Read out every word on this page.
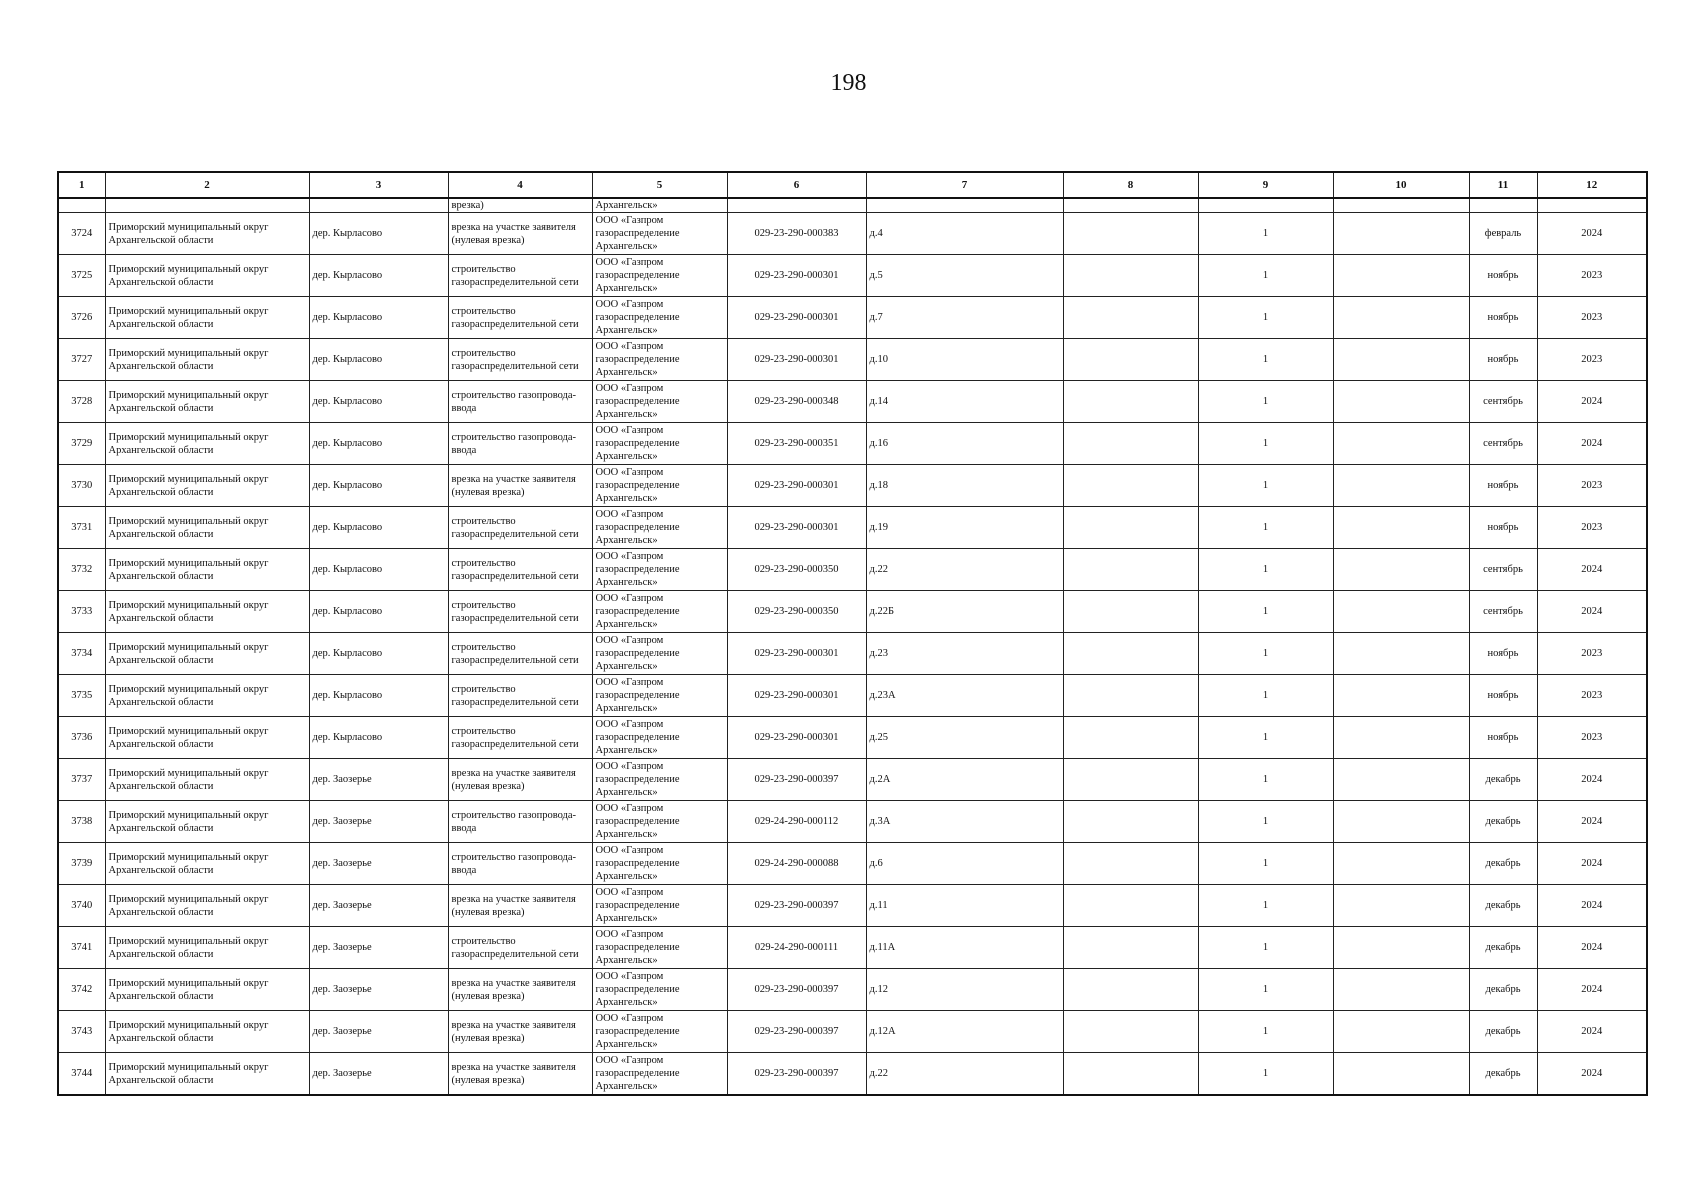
198
1	2	3	4	5	6	7	8	9	10	11	12
			врезка)	Архангельск»							
3724	Приморский муниципальный округ Архангельской области	дер. Кырласово	врезка на участке заявителя (нулевая врезка)	ООО «Газпром газораспределение Архангельск»	029-23-290-000383	д.4		1		февраль	2024
3725	Приморский муниципальный округ Архангельской области	дер. Кырласово	строительство газораспределительной сети	ООО «Газпром газораспределение Архангельск»	029-23-290-000301	д.5		1		ноябрь	2023
3726	Приморский муниципальный округ Архангельской области	дер. Кырласово	строительство газораспределительной сети	ООО «Газпром газораспределение Архангельск»	029-23-290-000301	д.7		1		ноябрь	2023
3727	Приморский муниципальный округ Архангельской области	дер. Кырласово	строительство газораспределительной сети	ООО «Газпром газораспределение Архангельск»	029-23-290-000301	д.10		1		ноябрь	2023
3728	Приморский муниципальный округ Архангельской области	дер. Кырласово	строительство газопровода-ввода	ООО «Газпром газораспределение Архангельск»	029-23-290-000348	д.14		1		сентябрь	2024
3729	Приморский муниципальный округ Архангельской области	дер. Кырласово	строительство газопровода-ввода	ООО «Газпром газораспределение Архангельск»	029-23-290-000351	д.16		1		сентябрь	2024
3730	Приморский муниципальный округ Архангельской области	дер. Кырласово	врезка на участке заявителя (нулевая врезка)	ООО «Газпром газораспределение Архангельск»	029-23-290-000301	д.18		1		ноябрь	2023
3731	Приморский муниципальный округ Архангельской области	дер. Кырласово	строительство газораспределительной сети	ООО «Газпром газораспределение Архангельск»	029-23-290-000301	д.19		1		ноябрь	2023
3732	Приморский муниципальный округ Архангельской области	дер. Кырласово	строительство газораспределительной сети	ООО «Газпром газораспределение Архангельск»	029-23-290-000350	д.22		1		сентябрь	2024
3733	Приморский муниципальный округ Архангельской области	дер. Кырласово	строительство газораспределительной сети	ООО «Газпром газораспределение Архангельск»	029-23-290-000350	д.22Б		1		сентябрь	2024
3734	Приморский муниципальный округ Архангельской области	дер. Кырласово	строительство газораспределительной сети	ООО «Газпром газораспределение Архангельск»	029-23-290-000301	д.23		1		ноябрь	2023
3735	Приморский муниципальный округ Архангельской области	дер. Кырласово	строительство газораспределительной сети	ООО «Газпром газораспределение Архангельск»	029-23-290-000301	д.23А		1		ноябрь	2023
3736	Приморский муниципальный округ Архангельской области	дер. Кырласово	строительство газораспределительной сети	ООО «Газпром газораспределение Архангельск»	029-23-290-000301	д.25		1		ноябрь	2023
3737	Приморский муниципальный округ Архангельской области	дер. Заозерье	врезка на участке заявителя (нулевая врезка)	ООО «Газпром газораспределение Архангельск»	029-23-290-000397	д.2А		1		декабрь	2024
3738	Приморский муниципальный округ Архангельской области	дер. Заозерье	строительство газопровода-ввода	ООО «Газпром газораспределение Архангельск»	029-24-290-000112	д.3А		1		декабрь	2024
3739	Приморский муниципальный округ Архангельской области	дер. Заозерье	строительство газопровода-ввода	ООО «Газпром газораспределение Архангельск»	029-24-290-000088	д.6		1		декабрь	2024
3740	Приморский муниципальный округ Архангельской области	дер. Заозерье	врезка на участке заявителя (нулевая врезка)	ООО «Газпром газораспределение Архангельск»	029-23-290-000397	д.11		1		декабрь	2024
3741	Приморский муниципальный округ Архангельской области	дер. Заозерье	строительство газораспределительной сети	ООО «Газпром газораспределение Архангельск»	029-24-290-000111	д.11А		1		декабрь	2024
3742	Приморский муниципальный округ Архангельской области	дер. Заозерье	врезка на участке заявителя (нулевая врезка)	ООО «Газпром газораспределение Архангельск»	029-23-290-000397	д.12		1		декабрь	2024
3743	Приморский муниципальный округ Архангельской области	дер. Заозерье	врезка на участке заявителя (нулевая врезка)	ООО «Газпром газораспределение Архангельск»	029-23-290-000397	д.12А		1		декабрь	2024
3744	Приморский муниципальный округ Архангельской области	дер. Заозерье	врезка на участке заявителя (нулевая врезка)	ООО «Газпром газораспределение Архангельск»	029-23-290-000397	д.22		1		декабрь	2024
